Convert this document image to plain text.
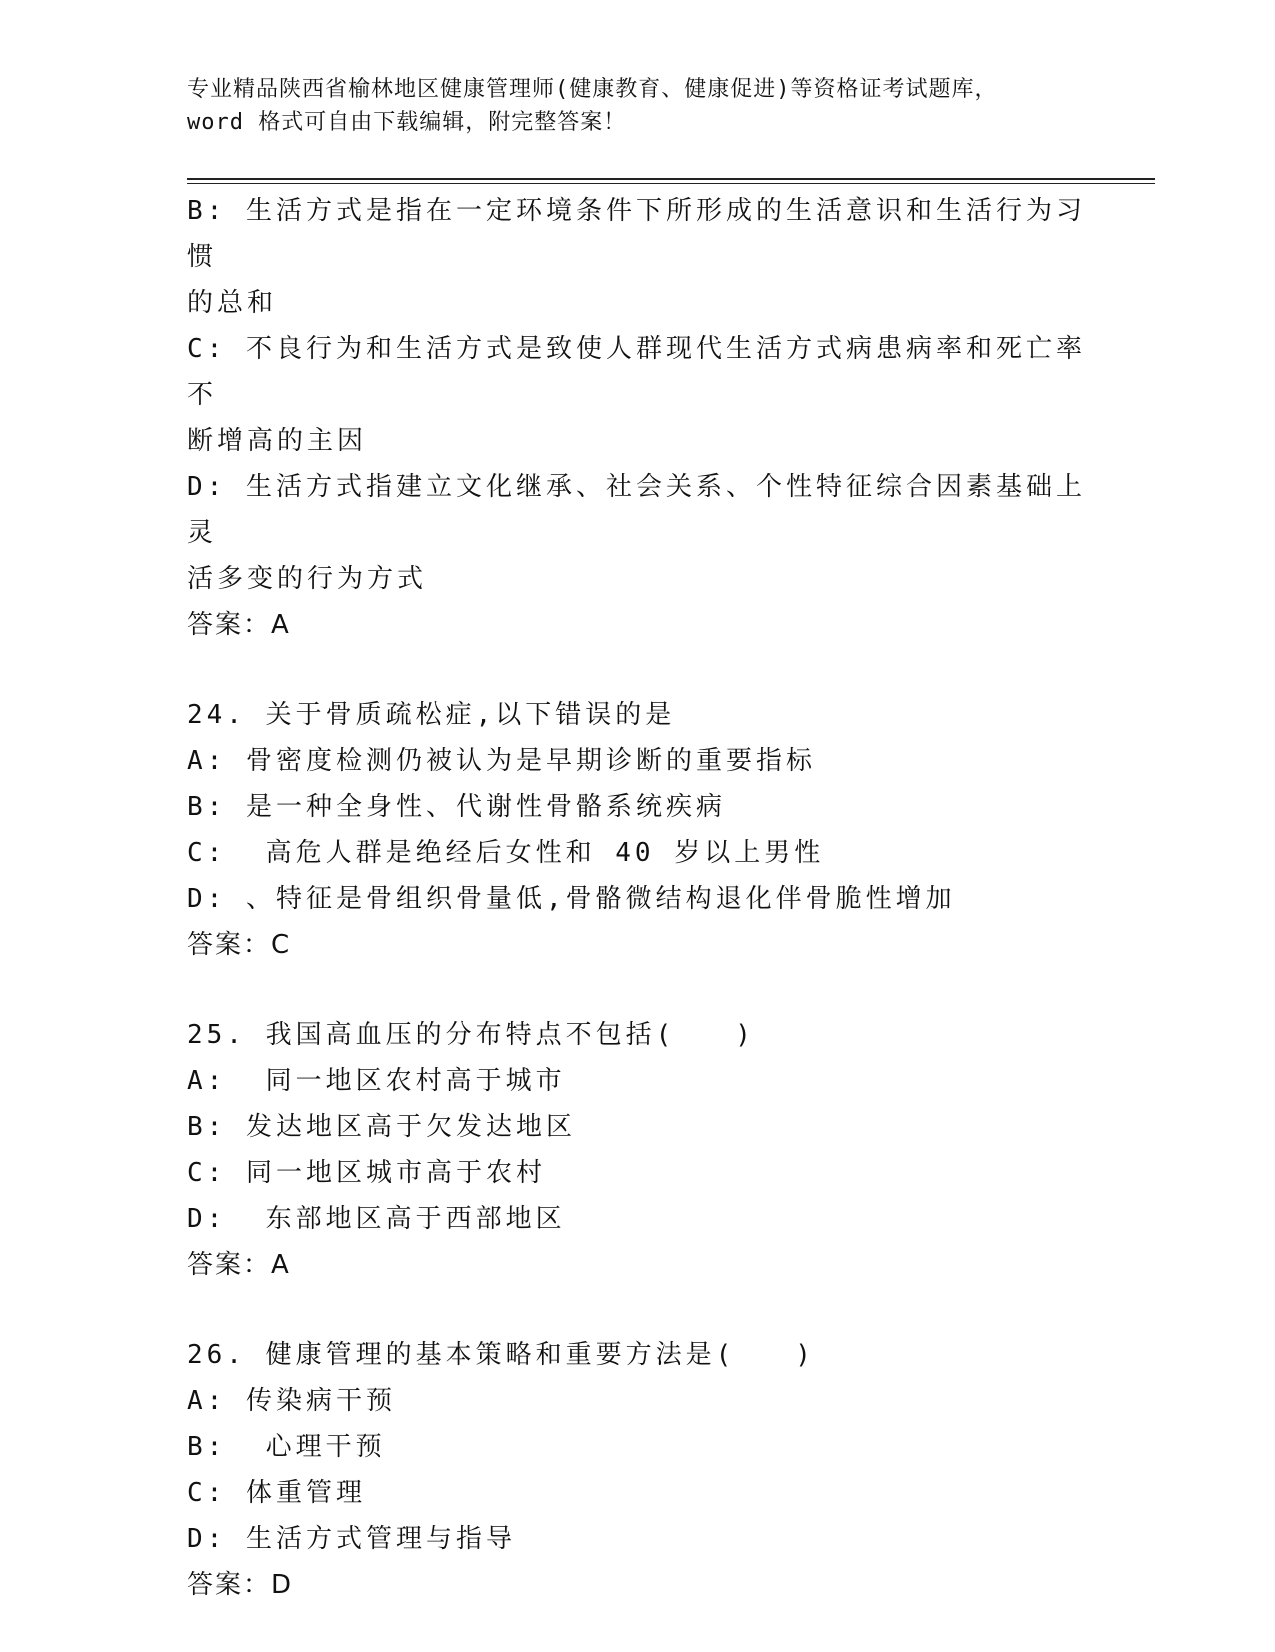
专业精品陕西省榆林地区健康管理师(健康教育、健康促进)等资格证考试题库，
word 格式可自由下载编辑，附完整答案！
B: 生活方式是指在一定环境条件下所形成的生活意识和生活行为习惯
的总和
C: 不良行为和生活方式是致使人群现代生活方式病患病率和死亡率不
断增高的主因
D: 生活方式指建立文化继承、社会关系、个性特征综合因素基础上灵
活多变的行为方式
答案：A
24. 关于骨质疏松症,以下错误的是
A: 骨密度检测仍被认为是早期诊断的重要指标
B: 是一种全身性、代谢性骨骼系统疾病
C:  高危人群是绝经后女性和 40 岁以上男性
D: 、特征是骨组织骨量低,骨骼微结构退化伴骨脆性增加
答案：C
25. 我国高血压的分布特点不包括(　　)
A:  同一地区农村高于城市
B: 发达地区高于欠发达地区
C: 同一地区城市高于农村
D:  东部地区高于西部地区
答案：A
26. 健康管理的基本策略和重要方法是(　　)
A: 传染病干预
B:  心理干预
C: 体重管理
D: 生活方式管理与指导
答案：D
